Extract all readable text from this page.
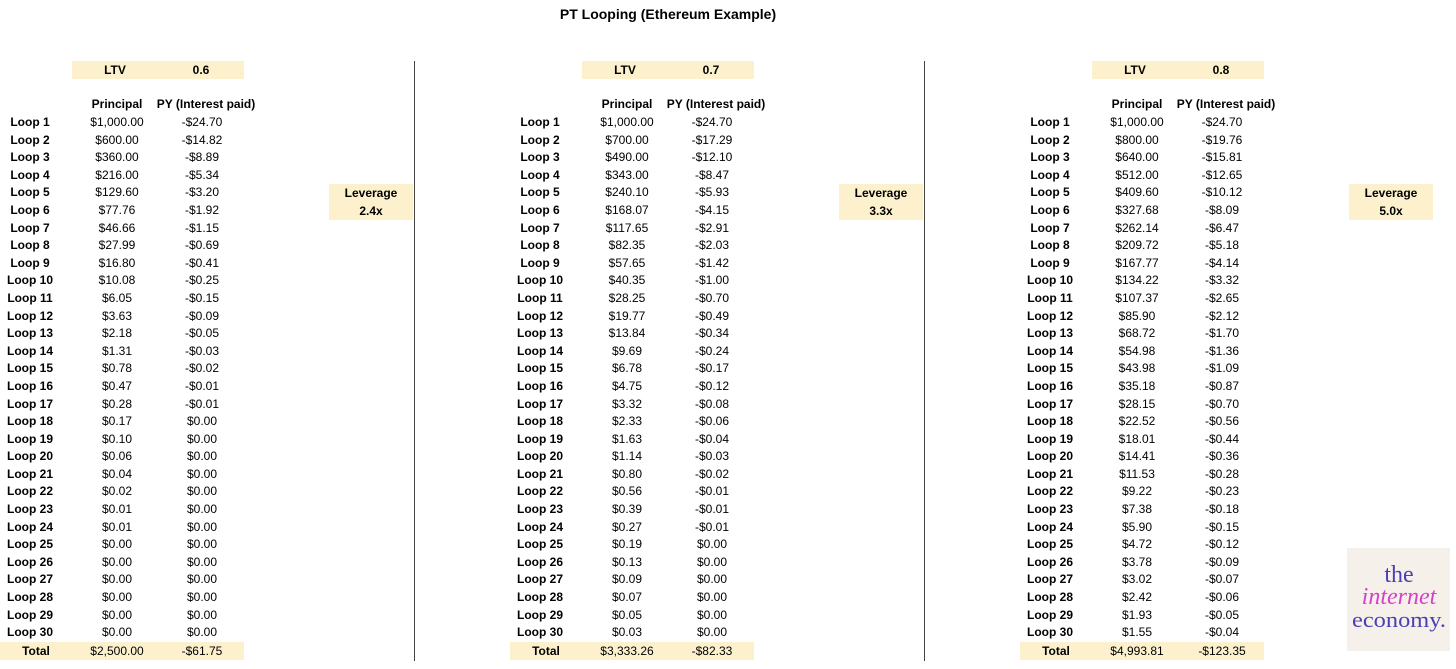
PT Looping (Ethereum Example)
LTV	0.6
Principal	PY (Interest paid)
Loop 1	$1,000.00	-$24.70
Loop 2	$600.00	-$14.82
Loop 3	$360.00	-$8.89
Loop 4	$216.00	-$5.34
Loop 5	$129.60	-$3.20
Loop 6	$77.76	-$1.92
Loop 7	$46.66	-$1.15
Loop 8	$27.99	-$0.69
Loop 9	$16.80	-$0.41
Loop 10	$10.08	-$0.25
Loop 11	$6.05	-$0.15
Loop 12	$3.63	-$0.09
Loop 13	$2.18	-$0.05
Loop 14	$1.31	-$0.03
Loop 15	$0.78	-$0.02
Loop 16	$0.47	-$0.01
Loop 17	$0.28	-$0.01
Loop 18	$0.17	$0.00
Loop 19	$0.10	$0.00
Loop 20	$0.06	$0.00
Loop 21	$0.04	$0.00
Loop 22	$0.02	$0.00
Loop 23	$0.01	$0.00
Loop 24	$0.01	$0.00
Loop 25	$0.00	$0.00
Loop 26	$0.00	$0.00
Loop 27	$0.00	$0.00
Loop 28	$0.00	$0.00
Loop 29	$0.00	$0.00
Loop 30	$0.00	$0.00
Total	$2,500.00	-$61.75
Leverage
2.4x
LTV	0.7
Principal	PY (Interest paid)
Loop 1	$1,000.00	-$24.70
Loop 2	$700.00	-$17.29
Loop 3	$490.00	-$12.10
Loop 4	$343.00	-$8.47
Loop 5	$240.10	-$5.93
Loop 6	$168.07	-$4.15
Loop 7	$117.65	-$2.91
Loop 8	$82.35	-$2.03
Loop 9	$57.65	-$1.42
Loop 10	$40.35	-$1.00
Loop 11	$28.25	-$0.70
Loop 12	$19.77	-$0.49
Loop 13	$13.84	-$0.34
Loop 14	$9.69	-$0.24
Loop 15	$6.78	-$0.17
Loop 16	$4.75	-$0.12
Loop 17	$3.32	-$0.08
Loop 18	$2.33	-$0.06
Loop 19	$1.63	-$0.04
Loop 20	$1.14	-$0.03
Loop 21	$0.80	-$0.02
Loop 22	$0.56	-$0.01
Loop 23	$0.39	-$0.01
Loop 24	$0.27	-$0.01
Loop 25	$0.19	$0.00
Loop 26	$0.13	$0.00
Loop 27	$0.09	$0.00
Loop 28	$0.07	$0.00
Loop 29	$0.05	$0.00
Loop 30	$0.03	$0.00
Total	$3,333.26	-$82.33
Leverage
3.3x
LTV	0.8
Principal	PY (Interest paid)
Loop 1	$1,000.00	-$24.70
Loop 2	$800.00	-$19.76
Loop 3	$640.00	-$15.81
Loop 4	$512.00	-$12.65
Loop 5	$409.60	-$10.12
Loop 6	$327.68	-$8.09
Loop 7	$262.14	-$6.47
Loop 8	$209.72	-$5.18
Loop 9	$167.77	-$4.14
Loop 10	$134.22	-$3.32
Loop 11	$107.37	-$2.65
Loop 12	$85.90	-$2.12
Loop 13	$68.72	-$1.70
Loop 14	$54.98	-$1.36
Loop 15	$43.98	-$1.09
Loop 16	$35.18	-$0.87
Loop 17	$28.15	-$0.70
Loop 18	$22.52	-$0.56
Loop 19	$18.01	-$0.44
Loop 20	$14.41	-$0.36
Loop 21	$11.53	-$0.28
Loop 22	$9.22	-$0.23
Loop 23	$7.38	-$0.18
Loop 24	$5.90	-$0.15
Loop 25	$4.72	-$0.12
Loop 26	$3.78	-$0.09
Loop 27	$3.02	-$0.07
Loop 28	$2.42	-$0.06
Loop 29	$1.93	-$0.05
Loop 30	$1.55	-$0.04
Total	$4,993.81	-$123.35
Leverage
5.0x
the
internet
economy.
